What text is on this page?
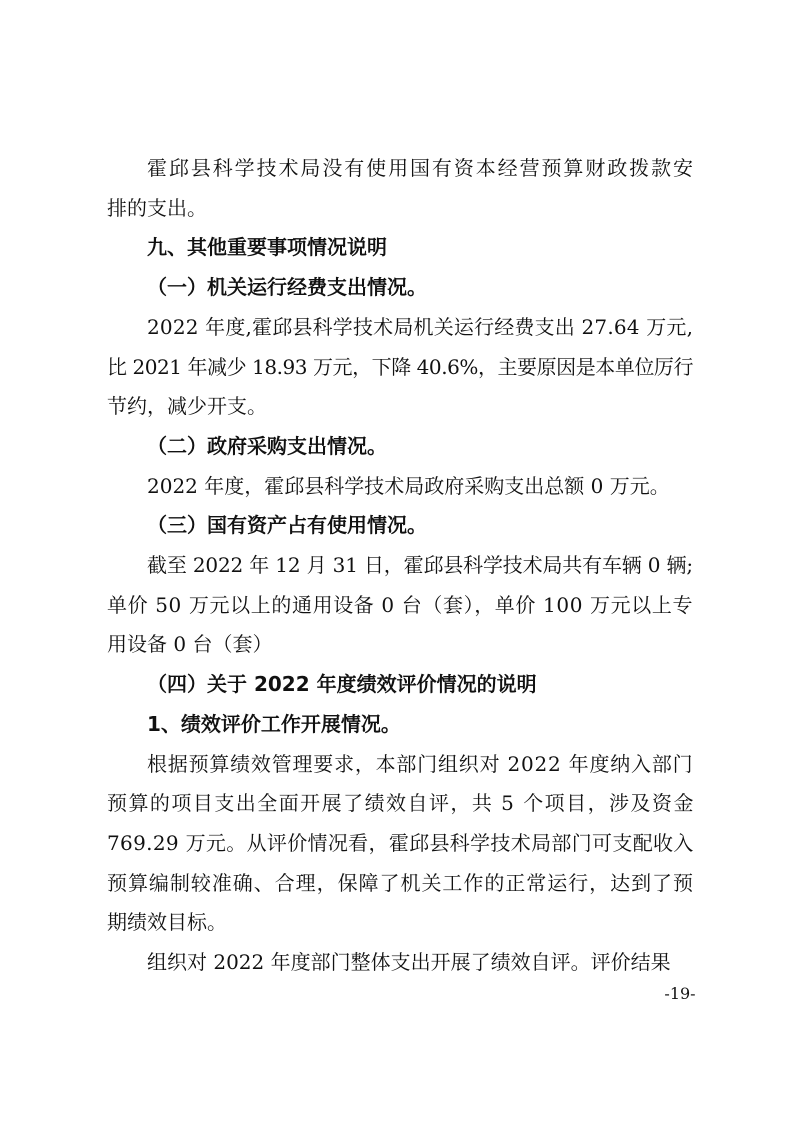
霍邱县科学技术局没有使用国有资本经营预算财政拨款安
排的支出。
九、其他重要事项情况说明
（一）机关运行经费支出情况。
2022 年度,霍邱县科学技术局机关运行经费支出 27.64 万元,
比 2021 年减少 18.93 万元，下降 40.6%，主要原因是本单位厉行
节约，减少开支。
（二）政府采购支出情况。
2022 年度，霍邱县科学技术局政府采购支出总额 0 万元。
（三）国有资产占有使用情况。
截至 2022 年 12 月 31 日，霍邱县科学技术局共有车辆 0 辆;
单价 50 万元以上的通用设备 0 台（套），单价 100 万元以上专
用设备 0 台（套）
（四）关于 2022 年度绩效评价情况的说明
1、绩效评价工作开展情况。
根据预算绩效管理要求，本部门组织对 2022 年度纳入部门
预算的项目支出全面开展了绩效自评，共 5 个项目，涉及资金
769.29 万元。从评价情况看，霍邱县科学技术局部门可支配收入
预算编制较准确、合理，保障了机关工作的正常运行，达到了预
期绩效目标。
组织对 2022 年度部门整体支出开展了绩效自评。评价结果
-19-
